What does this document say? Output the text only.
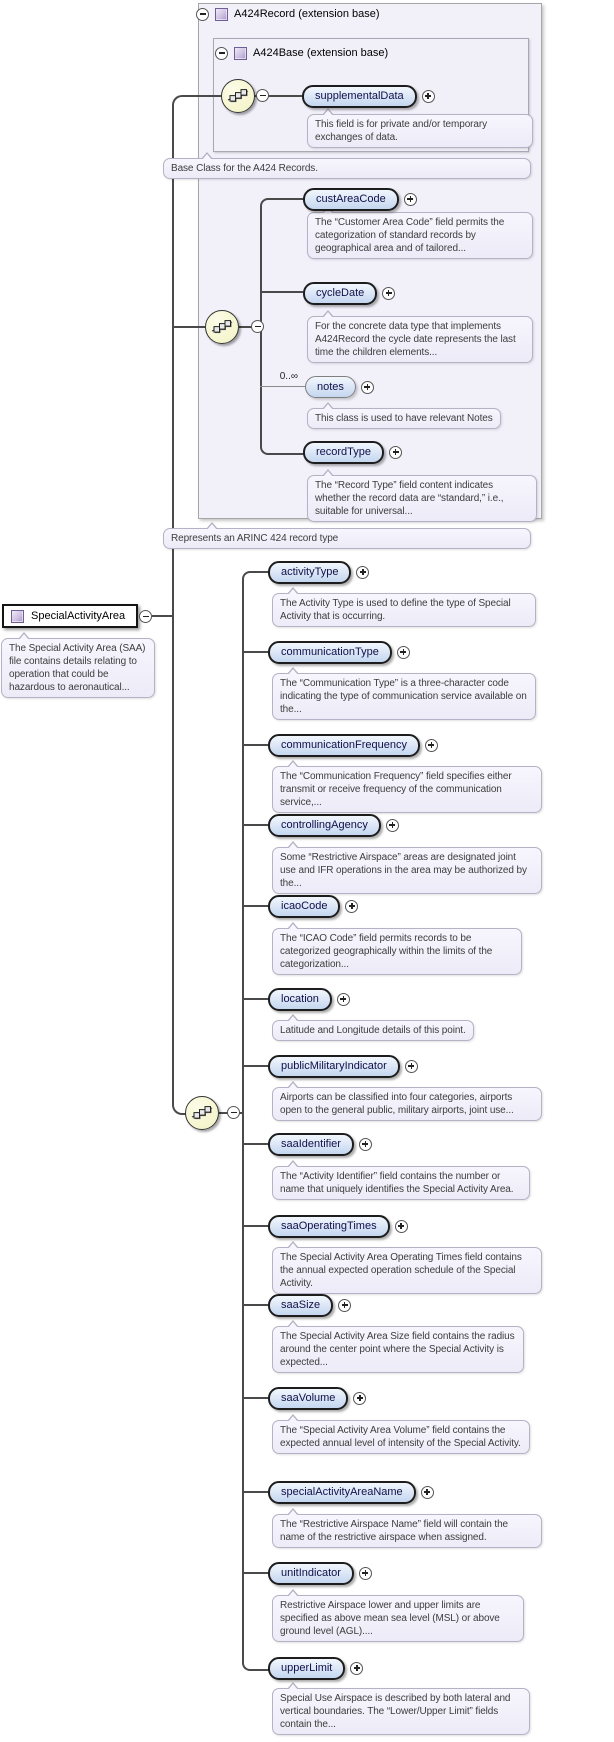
A424Record (extension base)
A424Base (extension base)
SpecialActivityArea
supplementalData
custAreaCode
cycleDate
0..∞
notes
recordType
activityType
communicationType
communicationFrequency
controllingAgency
icaoCode
location
publicMilitaryIndicator
saaIdentifier
saaOperatingTimes
saaSize
saaVolume
specialActivityAreaName
unitIndicator
upperLimit
This field is for private and/or temporary exchanges of data.
Base Class for the A424 Records.
The “Customer Area Code” field permits the categorization of standard records by geographical area and of tailored...
For the concrete data type that implements A424Record the cycle date represents the last time the children elements...
This class is used to have relevant Notes
The “Record Type” field content indicates whether the record data are “standard,” i.e., suitable for universal...
Represents an ARINC 424 record type
The Special Activity Area (SAA) file contains details relating to operation that could be hazardous to aeronautical...
The Activity Type is used to define the type of Special Activity that is occurring.
The “Communication Type” is a three-character code indicating the type of communication service available on the...
The “Communication Frequency” field specifies either transmit or receive frequency of the communication service,...
Some “Restrictive Airspace” areas are designated joint use and IFR operations in the area may be authorized by the...
The “ICAO Code” field permits records to be categorized geographically within the limits of the categorization...
Latitude and Longitude details of this point.
Airports can be classified into four categories, airports open to the general public, military airports, joint use...
The “Activity Identifier” field contains the number or name that uniquely identifies the Special Activity Area.
The Special Activity Area Operating Times field contains the annual expected operation schedule of the Special Activity.
The Special Activity Area Size field contains the radius around the center point where the Special Activity is expected...
The “Special Activity Area Volume” field contains the expected annual level of intensity of the Special Activity.
The “Restrictive Airspace Name” field will contain the name of the restrictive airspace when assigned.
Restrictive Airspace lower and upper limits are specified as above mean sea level (MSL) or above ground level (AGL)....
Special Use Airspace is described by both lateral and vertical boundaries. The “Lower/Upper Limit” fields contain the...
